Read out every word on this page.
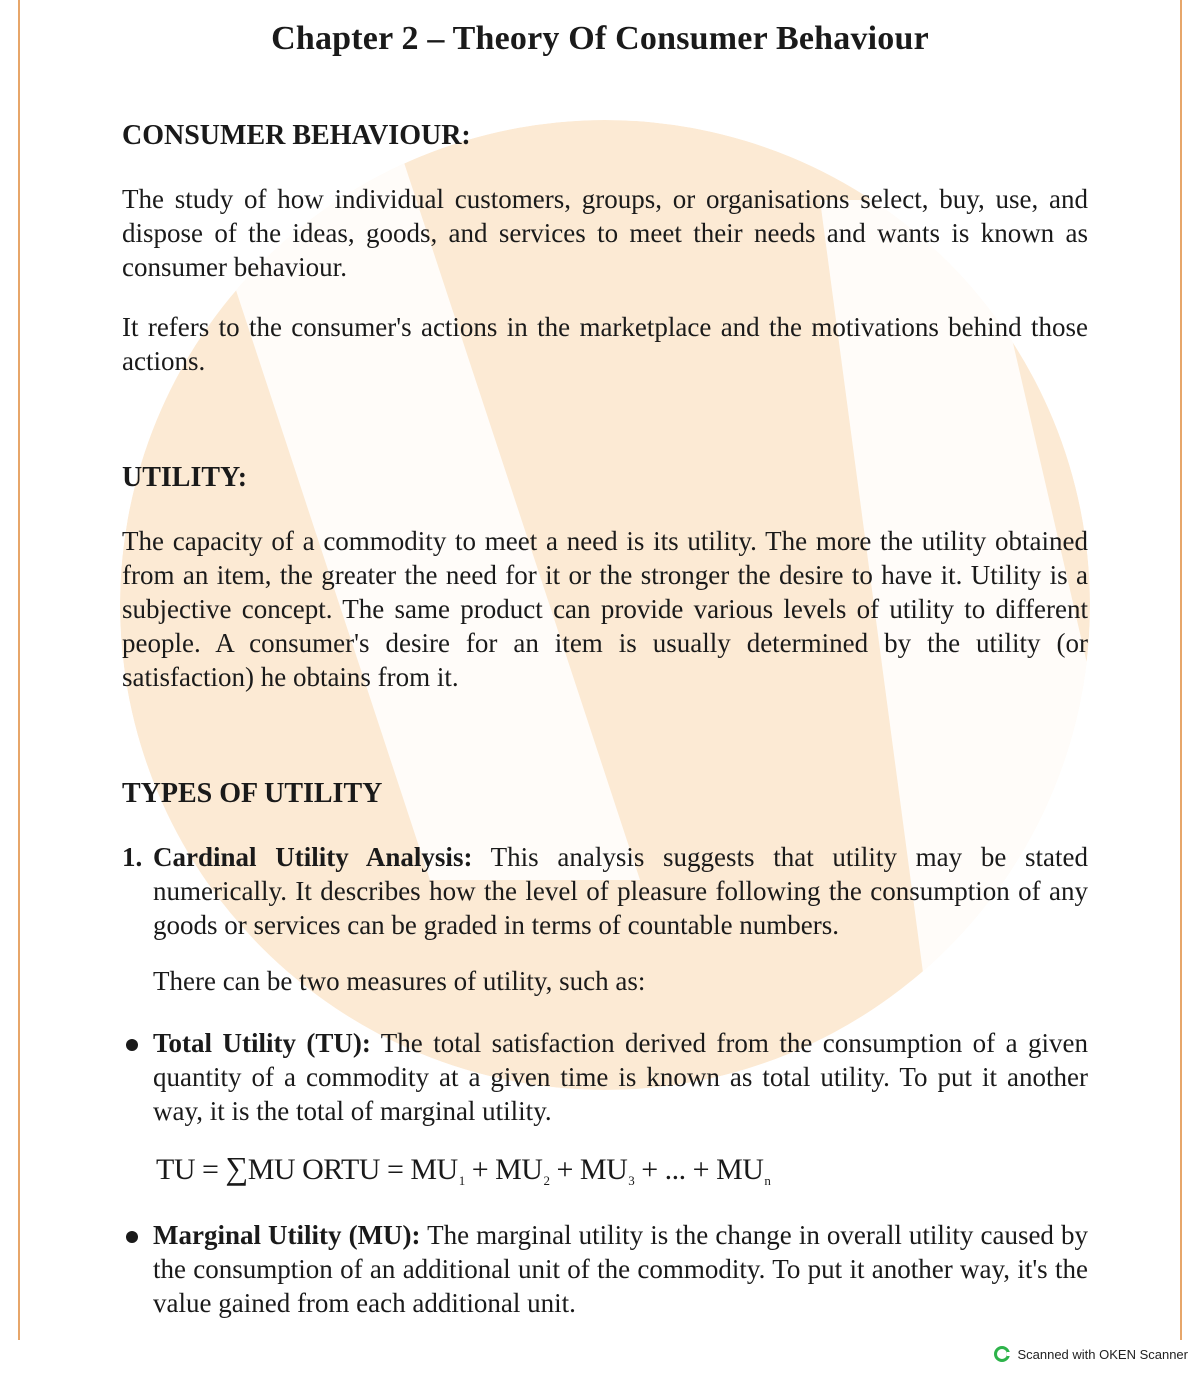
Chapter 2 – Theory Of Consumer Behaviour
CONSUMER BEHAVIOUR:
The study of how individual customers, groups, or organisations select, buy, use, and dispose of the ideas, goods, and services to meet their needs and wants is known as consumer behaviour.
It refers to the consumer's actions in the marketplace and the motivations behind those actions.
UTILITY:
The capacity of a commodity to meet a need is its utility. The more the utility obtained from an item, the greater the need for it or the stronger the desire to have it. Utility is a subjective concept. The same product can provide various levels of utility to different people. A consumer's desire for an item is usually determined by the utility (or satisfaction) he obtains from it.
TYPES OF UTILITY
1. Cardinal Utility Analysis: This analysis suggests that utility may be stated numerically. It describes how the level of pleasure following the consumption of any goods or services can be graded in terms of countable numbers.
There can be two measures of utility, such as:
Total Utility (TU): The total satisfaction derived from the consumption of a given quantity of a commodity at a given time is known as total utility. To put it another way, it is the total of marginal utility.
TU = ∑MU ORTU = $MU_1 + MU_2 + MU_3$ + ... + $MU_n$
Marginal Utility (MU): The marginal utility is the change in overall utility caused by the consumption of an additional unit of the commodity. To put it another way, it's the value gained from each additional unit.
Scanned with OKEN Scanner
